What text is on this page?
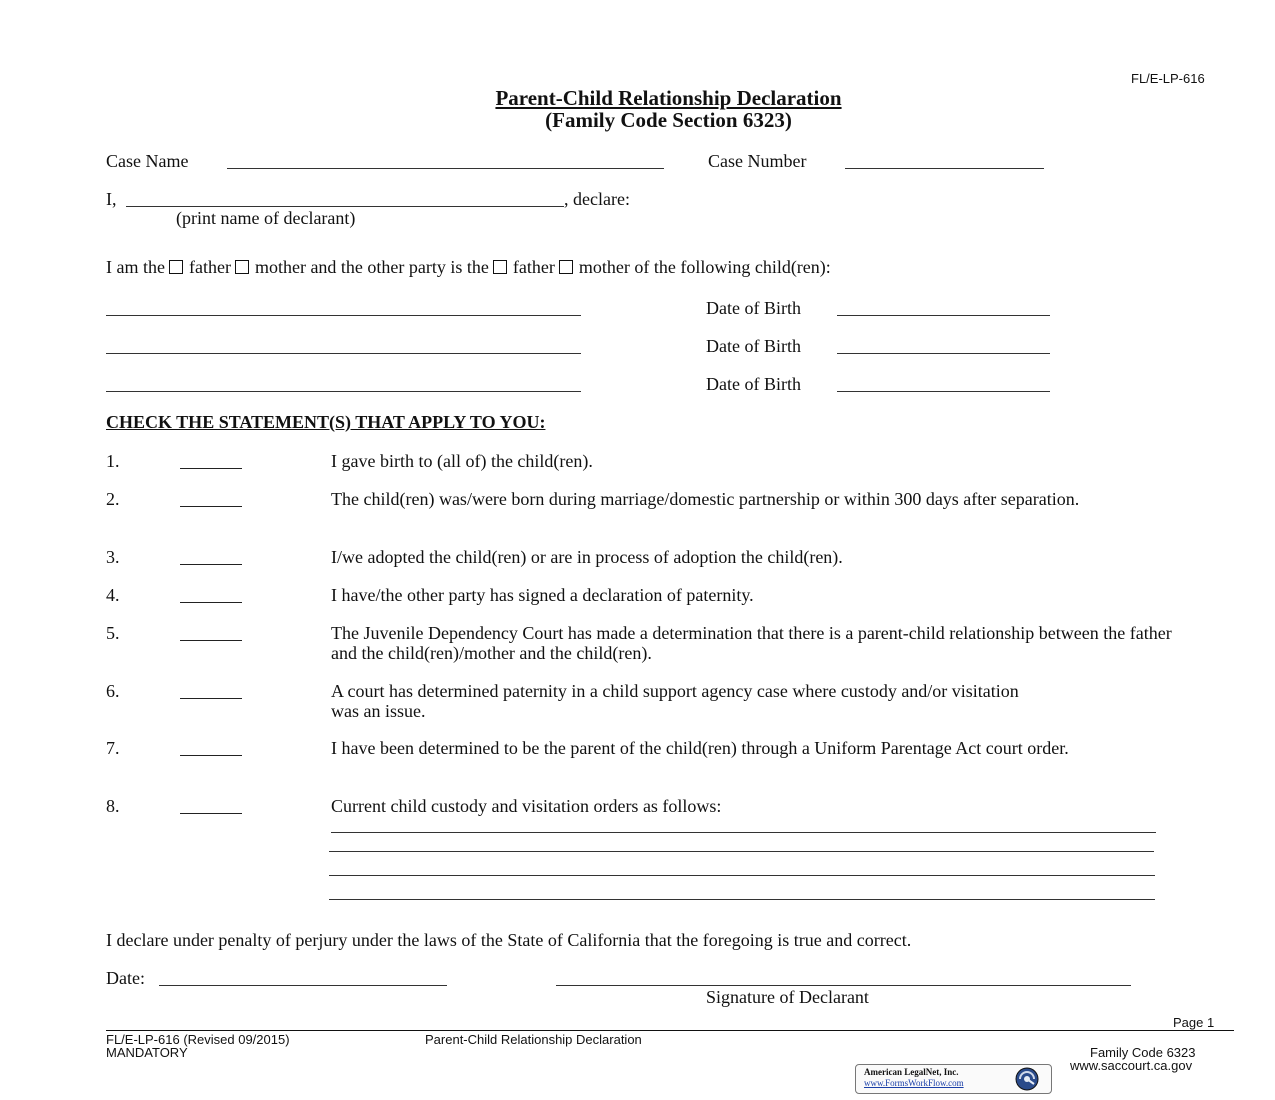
FL/E-LP-616
Parent-Child Relationship Declaration
(Family Code Section 6323)
Case Name	Case Number
I,	, declare:
(print name of declarant)
I am the father mother and the other party is the father mother of the following child(ren):
Date of Birth
Date of Birth
Date of Birth
CHECK THE STATEMENT(S) THAT APPLY TO YOU:
1.	I gave birth to (all of) the child(ren).
2.	The child(ren) was/were born during marriage/domestic partnership or within 300 days after separation.
3.	I/we adopted the child(ren) or are in process of adoption the child(ren).
4.	I have/the other party has signed a declaration of paternity.
5.	The Juvenile Dependency Court has made a determination that there is a parent-child relationship between the father and the child(ren)/mother and the child(ren).
6.	A court has determined paternity in a child support agency case where custody and/or visitation was an issue.
7.	I have been determined to be the parent of the child(ren) through a Uniform Parentage Act court order.
8.	Current child custody and visitation orders as follows:
I declare under penalty of perjury under the laws of the State of California that the foregoing is true and correct.
Date:
Signature of Declarant
Page 1
FL/E-LP-616 (Revised 09/2015)
MANDATORY
Parent-Child Relationship Declaration
Family Code 6323
www.saccourt.ca.gov
American LegalNet, Inc.
www.FormsWorkFlow.com
